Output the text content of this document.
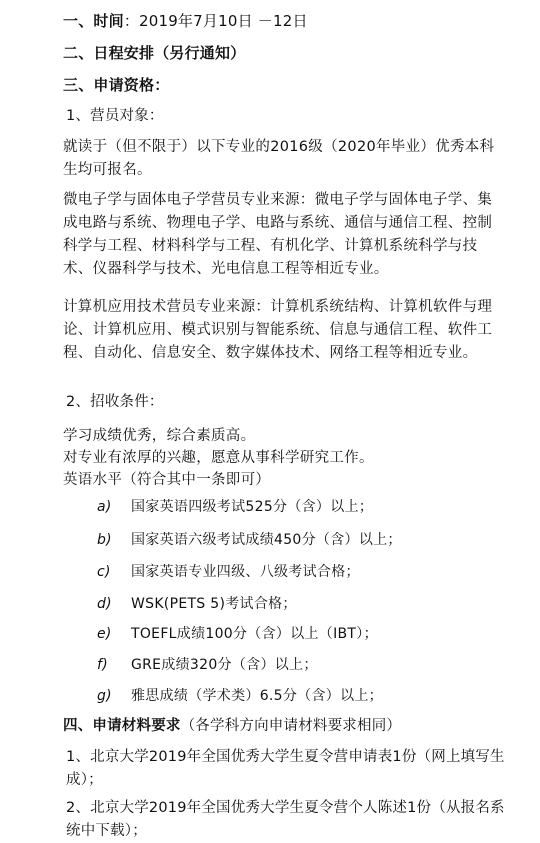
一、时间：2019年7月10日 －12日
二、日程安排（另行通知）
三、申请资格：
1、营员对象：
就读于（但不限于）以下专业的2016级（2020年毕业）优秀本科生均可报名。
微电子学与固体电子学营员专业来源：微电子学与固体电子学、集成电路与系统、物理电子学、电路与系统、通信与通信工程、控制科学与工程、材料科学与工程、有机化学、计算机系统科学与技术、仪器科学与技术、光电信息工程等相近专业。
计算机应用技术营员专业来源：计算机系统结构、计算机软件与理论、计算机应用、模式识别与智能系统、信息与通信工程、软件工程、自动化、信息安全、数字媒体技术、网络工程等相近专业。
2、招收条件：
学习成绩优秀，综合素质高。
对专业有浓厚的兴趣，愿意从事科学研究工作。
英语水平（符合其中一条即可）
a) 国家英语四级考试525分（含）以上；
b) 国家英语六级考试成绩450分（含）以上；
c) 国家英语专业四级、八级考试合格；
d) WSK(PETS 5)考试合格；
e) TOEFL成绩100分（含）以上（IBT）；
f) GRE成绩320分（含）以上；
g) 雅思成绩（学术类）6.5分（含）以上；
四、申请材料要求（各学科方向申请材料要求相同）
1、北京大学2019年全国优秀大学生夏令营申请表1份（网上填写生成）；
2、北京大学2019年全国优秀大学生夏令营个人陈述1份（从报名系统中下载）；
